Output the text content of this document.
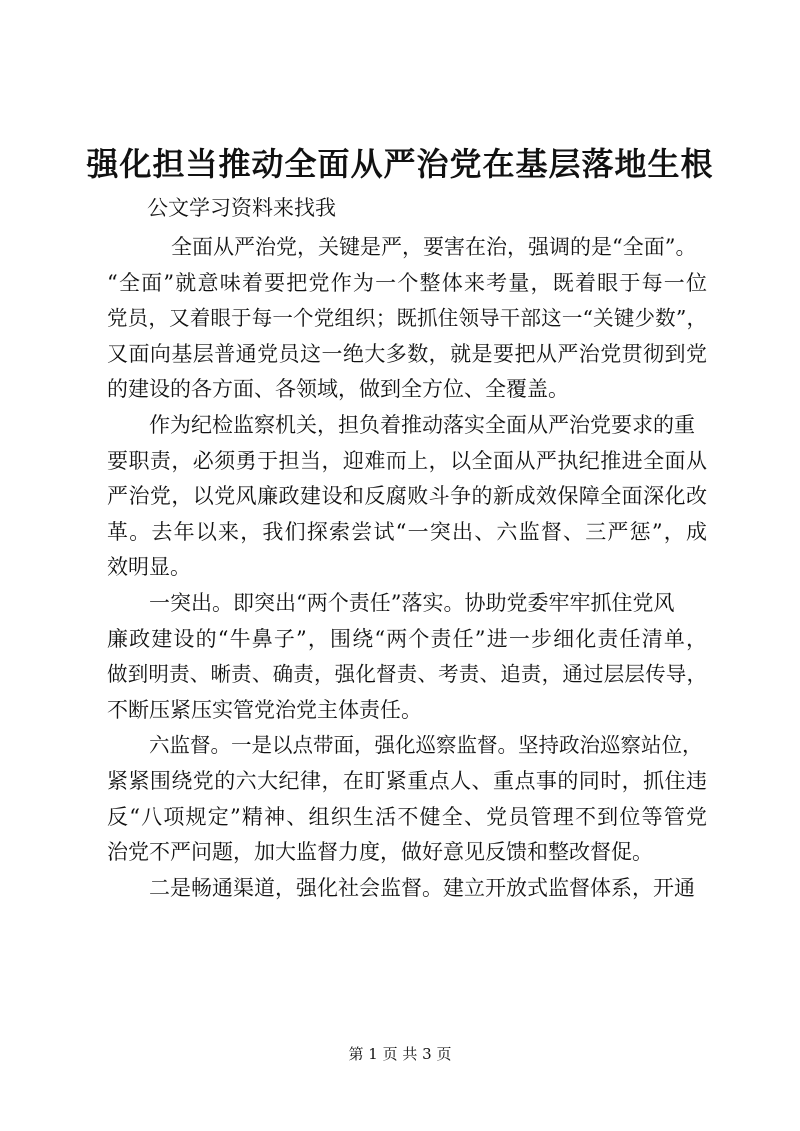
强化担当推动全面从严治党在基层落地生根
公文学习资料来找我
全面从严治党，关键是严，要害在治，强调的是“全面”。
“全面”就意味着要把党作为一个整体来考量，既着眼于每一位
党员，又着眼于每一个党组织；既抓住领导干部这一“关键少数”，
又面向基层普通党员这一绝大多数，就是要把从严治党贯彻到党
的建设的各方面、各领域，做到全方位、全覆盖。
作为纪检监察机关，担负着推动落实全面从严治党要求的重
要职责，必须勇于担当，迎难而上，以全面从严执纪推进全面从
严治党，以党风廉政建设和反腐败斗争的新成效保障全面深化改
革。去年以来，我们探索尝试“一突出、六监督、三严惩”，成
效明显。
一突出。即突出“两个责任”落实。协助党委牢牢抓住党风
廉政建设的“牛鼻子”，围绕“两个责任”进一步细化责任清单，
做到明责、晰责、确责，强化督责、考责、追责，通过层层传导，
不断压紧压实管党治党主体责任。
六监督。一是以点带面，强化巡察监督。坚持政治巡察站位，
紧紧围绕党的六大纪律，在盯紧重点人、重点事的同时，抓住违
反“八项规定”精神、组织生活不健全、党员管理不到位等管党
治党不严问题，加大监督力度，做好意见反馈和整改督促。
二是畅通渠道，强化社会监督。建立开放式监督体系，开通
第 1 页 共 3 页
